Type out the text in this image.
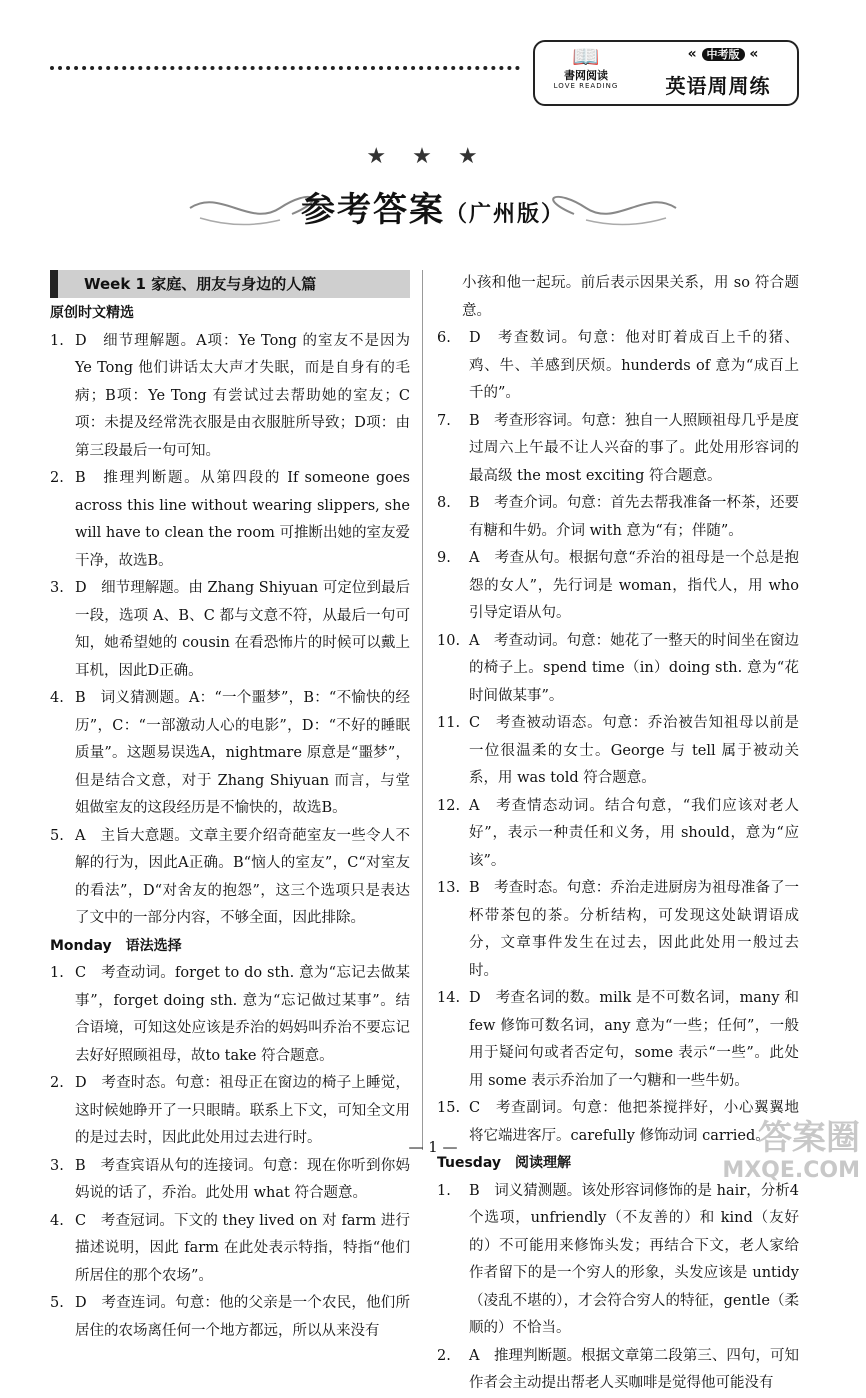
📖
書网阅读
LOVE READING
« 中考版 «
英语周周练
★★★
参考答案（广州版）
Week 1 家庭、朋友与身边的人篇
原创时文精选
1. D　细节理解题。A项：Ye Tong 的室友不是因为 Ye Tong 他们讲话太大声才失眠，而是自身有的毛病；B项：Ye Tong 有尝试过去帮助她的室友；C项：未提及经常洗衣服是由衣服脏所导致；D项：由第三段最后一句可知。
2. B　推理判断题。从第四段的 If someone goes across this line without wearing slippers, she will have to clean the room 可推断出她的室友爱干净，故选B。
3. D　细节理解题。由 Zhang Shiyuan 可定位到最后一段，选项 A、B、C 都与文意不符，从最后一句可知，她希望她的 cousin 在看恐怖片的时候可以戴上耳机，因此D正确。
4. B　词义猜测题。A：“一个噩梦”，B：“不愉快的经历”，C：“一部激动人心的电影”，D：“不好的睡眠质量”。这题易误选A，nightmare 原意是“噩梦”，但是结合文意，对于 Zhang Shiyuan 而言，与堂姐做室友的这段经历是不愉快的，故选B。
5. A　主旨大意题。文章主要介绍奇葩室友一些令人不解的行为，因此A正确。B“恼人的室友”，C“对室友的看法”，D“对舍友的抱怨”，这三个选项只是表达了文中的一部分内容，不够全面，因此排除。
Monday　语法选择
1. C　考查动词。forget to do sth. 意为“忘记去做某事”，forget doing sth. 意为“忘记做过某事”。结合语境，可知这处应该是乔治的妈妈叫乔治不要忘记去好好照顾祖母，故to take 符合题意。
2. D　考查时态。句意：祖母正在窗边的椅子上睡觉，这时候她睁开了一只眼睛。联系上下文，可知全文用的是过去时，因此此处用过去进行时。
3. B　考查宾语从句的连接词。句意：现在你听到你妈妈说的话了，乔治。此处用 what 符合题意。
4. C　考查冠词。下文的 they lived on 对 farm 进行描述说明，因此 farm 在此处表示特指，特指“他们所居住的那个农场”。
5. D　考查连词。句意：他的父亲是一个农民，他们所居住的农场离任何一个地方都远，所以从来没有
小孩和他一起玩。前后表示因果关系，用 so 符合题意。
6.	D　考查数词。句意：他对盯着成百上千的猪、鸡、牛、羊感到厌烦。hunderds of 意为“成百上千的”。
7.	B　考查形容词。句意：独自一人照顾祖母几乎是度过周六上午最不让人兴奋的事了。此处用形容词的最高级 the most exciting 符合题意。
8.	B　考查介词。句意：首先去帮我准备一杯茶，还要有糖和牛奶。介词 with 意为“有；伴随”。
9.	A　考查从句。根据句意“乔治的祖母是一个总是抱怨的女人”，先行词是 woman，指代人，用 who 引导定语从句。
10. A　考查动词。句意：她花了一整天的时间坐在窗边的椅子上。spend time（in）doing sth. 意为“花时间做某事”。
11. C　考查被动语态。句意：乔治被告知祖母以前是一位很温柔的女士。George 与 tell 属于被动关系，用 was told 符合题意。
12. A　考查情态动词。结合句意，“我们应该对老人好”，表示一种责任和义务，用 should，意为“应该”。
13. B　考查时态。句意：乔治走进厨房为祖母准备了一杯带茶包的茶。分析结构，可发现这处缺谓语成分，文章事件发生在过去，因此此处用一般过去时。
14. D　考查名词的数。milk 是不可数名词，many 和 few 修饰可数名词，any 意为“一些；任何”，一般用于疑问句或者否定句，some 表示“一些”。此处用 some 表示乔治加了一勺糖和一些牛奶。
15. C　考查副词。句意：他把茶搅拌好，小心翼翼地将它端进客厅。carefully 修饰动词 carried。
Tuesday　阅读理解
1.	B　词义猜测题。该处形容词修饰的是 hair，分析4个选项，unfriendly（不友善的）和 kind（友好的）不可能用来修饰头发；再结合下文，老人家给作者留下的是一个穷人的形象，头发应该是 untidy（凌乱不堪的），才会符合穷人的特征，gentle（柔顺的）不恰当。
2.	A　推理判断题。根据文章第二段第三、四句，可知作者会主动提出帮老人买咖啡是觉得他可能没有
— 1 —	答案圈
MXQE.COM
